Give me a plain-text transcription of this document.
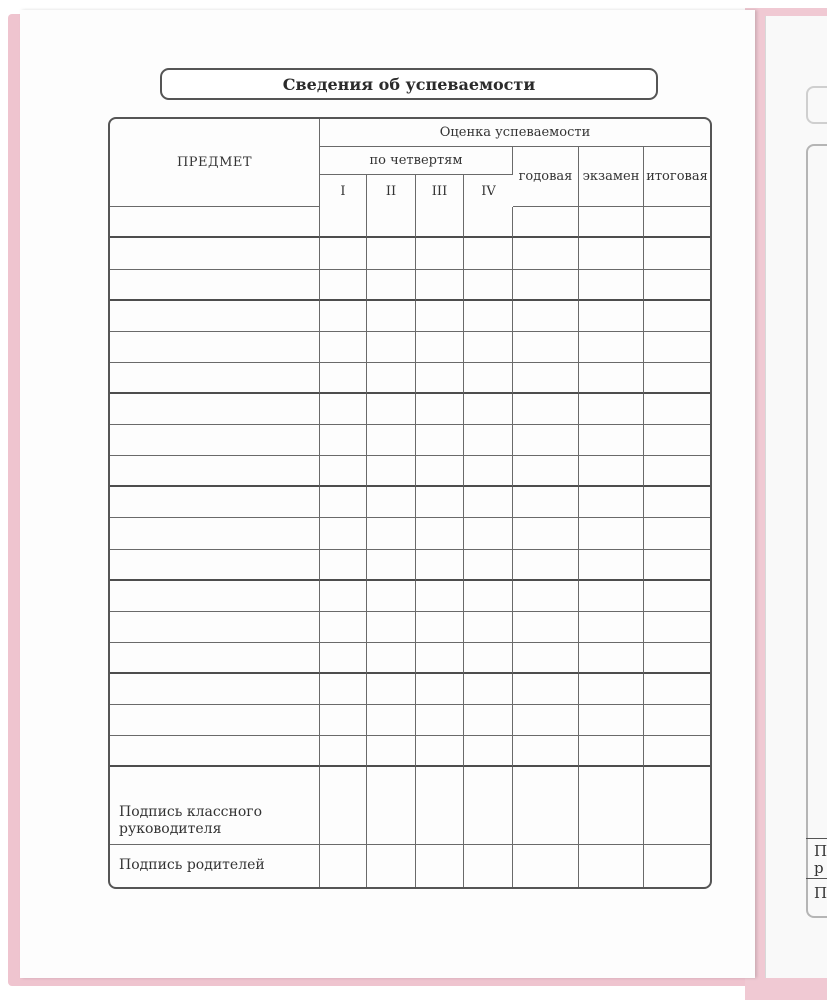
П
р
П
Сведения об успеваемости
ПРЕДМЕТ	Оценка успеваемости						
	по четвертям				годовая	экзамен	итоговая
	I	II	III	IV			

Подпись классного руководителя							
Подпись родителей							
